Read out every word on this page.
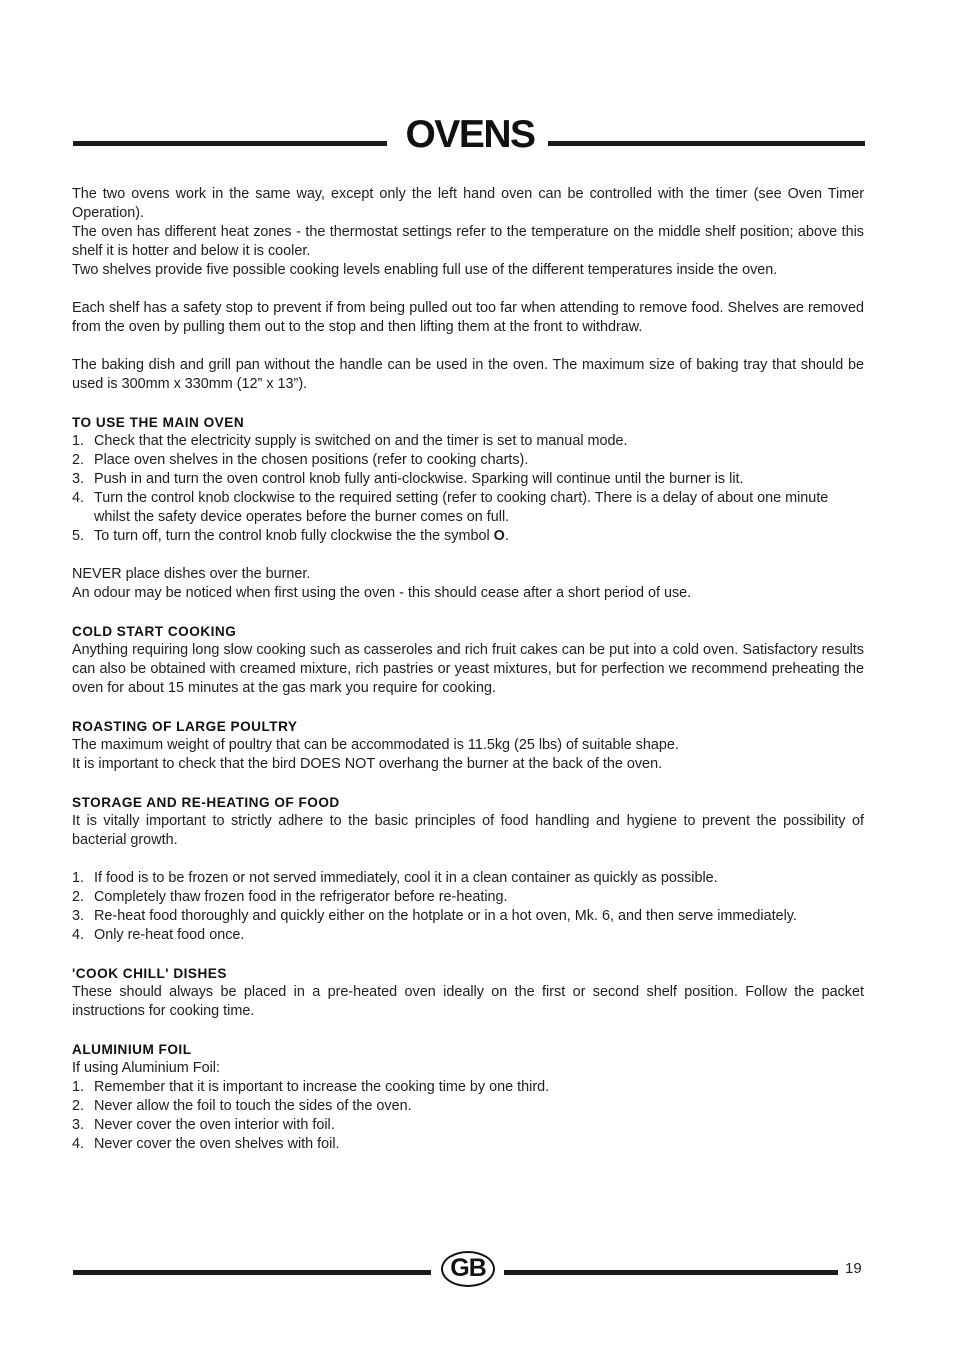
OVENS

The two ovens work in the same way, except only the left hand oven can be controlled with the timer (see Oven Timer Operation).

The oven has different heat zones - the thermostat settings refer to the temperature on the middle shelf position; above this shelf it is hotter and below it is cooler.

Two shelves provide five possible cooking levels enabling full use of the different temperatures inside the oven.

Each shelf has a safety stop to prevent if from being pulled out too far when attending to remove food. Shelves are removed from the oven by pulling them out to the stop and then lifting them at the front to withdraw.

The baking dish and grill pan without the handle can be used in the oven. The maximum size of baking tray that should be used is 300mm x 330mm (12” x 13”).

TO USE THE MAIN OVEN

1. Check that the electricity supply is switched on and the timer is set to manual mode.
2. Place oven shelves in the chosen positions (refer to cooking charts).
3. Push in and turn the oven control knob fully anti-clockwise. Sparking will continue until the burner is lit.
4. Turn the control knob clockwise to the required setting (refer to cooking chart). There is a delay of about one minute whilst the safety device operates before the burner comes on full.
5. To turn off, turn the control knob fully clockwise the the symbol O.

NEVER place dishes over the burner.

An odour may be noticed when first using the oven - this should cease after a short period of use.

COLD START COOKING

Anything requiring long slow cooking such as casseroles and rich fruit cakes can be put into a cold oven. Satisfactory results can also be obtained with creamed mixture, rich pastries or yeast mixtures, but for perfection we recommend preheating the oven for about 15 minutes at the gas mark you require for cooking.

ROASTING OF LARGE POULTRY

The maximum weight of poultry that can be accommodated is 11.5kg (25 lbs) of suitable shape.

It is important to check that the bird DOES NOT overhang the burner at the back of the oven.

STORAGE AND RE-HEATING OF FOOD

It is vitally important to strictly adhere to the basic principles of food handling and hygiene to prevent the possibility of bacterial growth.

1. If food is to be frozen or not served immediately, cool it in a clean container as quickly as possible.
2. Completely thaw frozen food in the refrigerator before re-heating.
3. Re-heat food thoroughly and quickly either on the hotplate or in a hot oven, Mk. 6, and then serve immediately.
4. Only re-heat food once.

'COOK CHILL' DISHES

These should always be placed in a pre-heated oven ideally on the first or second shelf position. Follow the packet instructions for cooking time.

ALUMINIUM FOIL

If using Aluminium Foil:

1. Remember that it is important to increase the cooking time by one third.
2. Never allow the foil to touch the sides of the oven.
3. Never cover the oven interior with foil.
4. Never cover the oven shelves with foil.
GB	19
